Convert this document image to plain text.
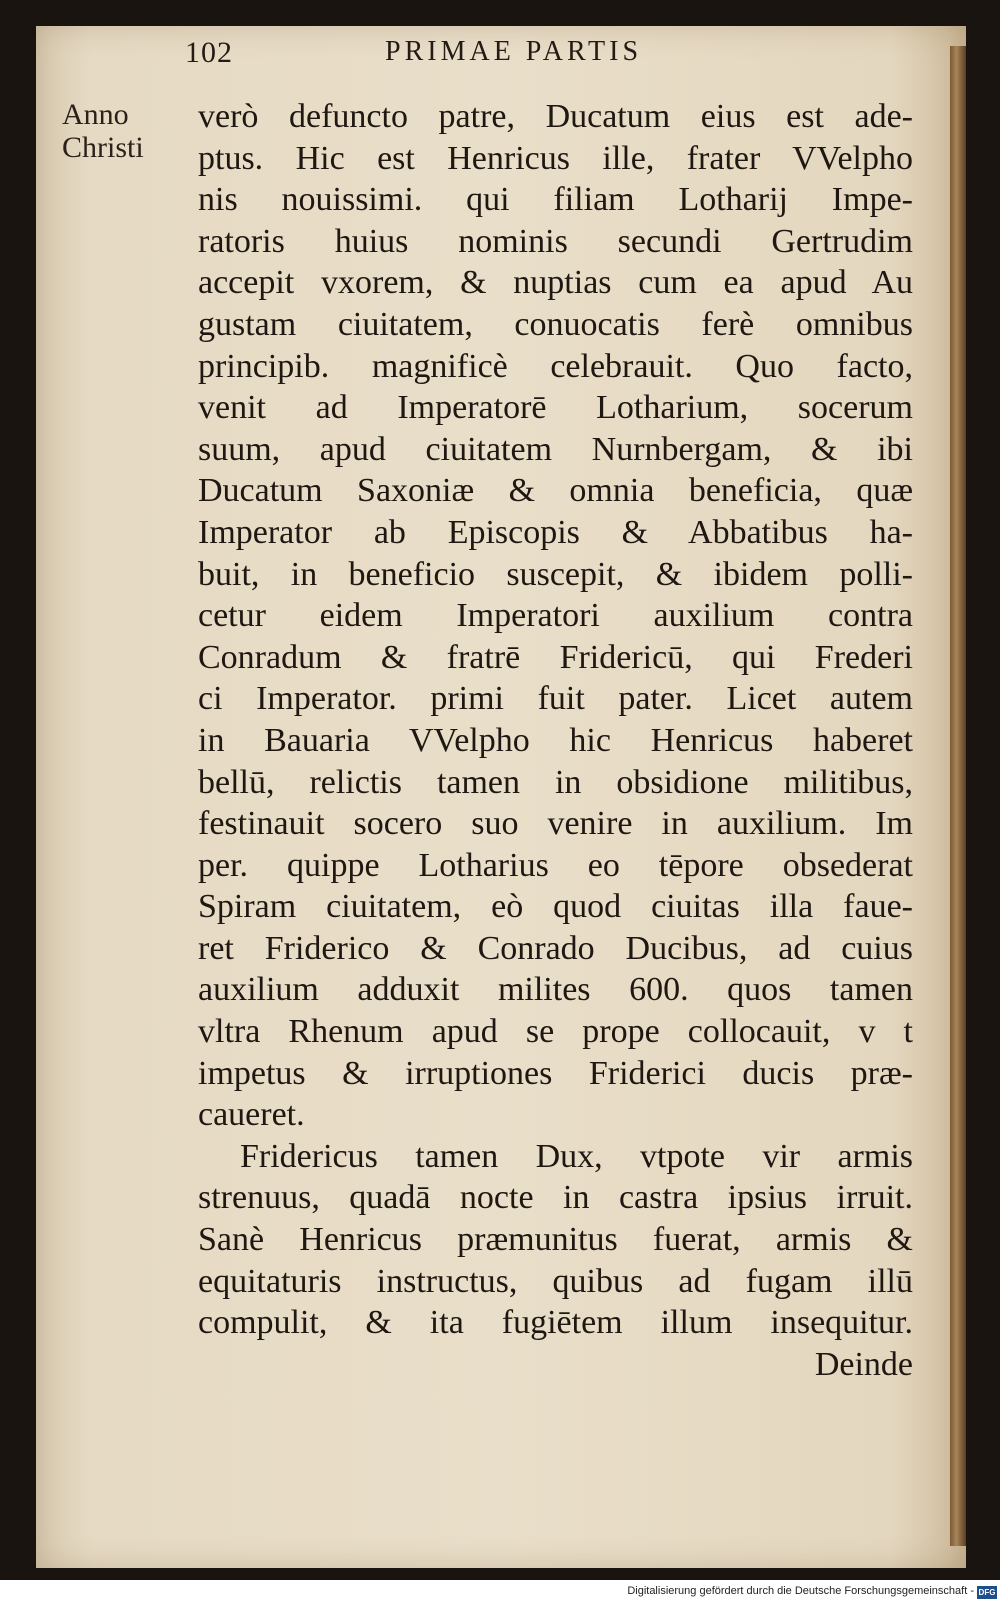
102	PRIMAE PARTIS
Anno
Christi
verò defuncto patre, Ducatum eius est ade-
ptus. Hic est Henricus ille, frater VVelpho
nis nouissimi. qui filiam Lotharij Impe-
ratoris huius nominis secundi Gertrudim
accepit vxorem, & nuptias cum ea apud Au
gustam ciuitatem, conuocatis ferè omnibus
principib. magnificè celebrauit. Quo facto,
venit ad Imperatorē Lotharium, socerum
suum, apud ciuitatem Nurnbergam, & ibi
Ducatum Saxoniæ & omnia beneficia, quæ
Imperator ab Episcopis & Abbatibus ha-
buit, in beneficio suscepit, & ibidem polli-
cetur eidem Imperatori auxilium contra
Conradum & fratrē Fridericū, qui Frederi
ci Imperator. primi fuit pater. Licet autem
in Bauaria VVelpho hic Henricus haberet
bellū, relictis tamen in obsidione militibus,
festinauit socero suo venire in auxilium. Im
per. quippe Lotharius eo tēpore obsederat
Spiram ciuitatem, eò quod ciuitas illa faue-
ret Friderico & Conrado Ducibus, ad cuius
auxilium adduxit milites 600. quos tamen
vltra Rhenum apud se prope collocauit, v t
impetus & irruptiones Friderici ducis præ-
caueret.
Fridericus tamen Dux, vtpote vir armis
strenuus, quadā nocte in castra ipsius irruit.
Sanè Henricus præmunitus fuerat, armis &
equitaturis instructus, quibus ad fugam illū
compulit, & ita fugiētem illum insequitur.
Deinde
Digitalisierung gefördert durch die Deutsche Forschungsgemeinschaft - DFG
